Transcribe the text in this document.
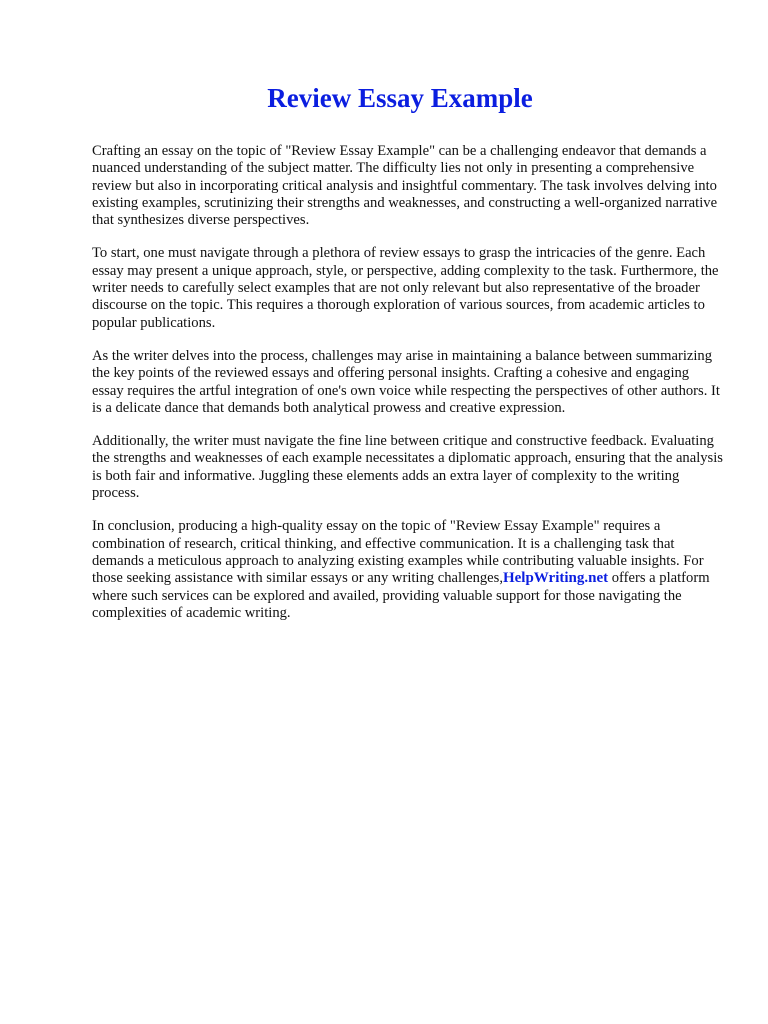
Review Essay Example

Crafting an essay on the topic of "Review Essay Example" can be a challenging endeavor that demands a nuanced understanding of the subject matter. The difficulty lies not only in presenting a comprehensive review but also in incorporating critical analysis and insightful commentary. The task involves delving into existing examples, scrutinizing their strengths and weaknesses, and constructing a well-organized narrative that synthesizes diverse perspectives.

To start, one must navigate through a plethora of review essays to grasp the intricacies of the genre. Each essay may present a unique approach, style, or perspective, adding complexity to the task. Furthermore, the writer needs to carefully select examples that are not only relevant but also representative of the broader discourse on the topic. This requires a thorough exploration of various sources, from academic articles to popular publications.

As the writer delves into the process, challenges may arise in maintaining a balance between summarizing the key points of the reviewed essays and offering personal insights. Crafting a cohesive and engaging essay requires the artful integration of one's own voice while respecting the perspectives of other authors. It is a delicate dance that demands both analytical prowess and creative expression.

Additionally, the writer must navigate the fine line between critique and constructive feedback. Evaluating the strengths and weaknesses of each example necessitates a diplomatic approach, ensuring that the analysis is both fair and informative. Juggling these elements adds an extra layer of complexity to the writing process.

In conclusion, producing a high-quality essay on the topic of "Review Essay Example" requires a combination of research, critical thinking, and effective communication. It is a challenging task that demands a meticulous approach to analyzing existing examples while contributing valuable insights. For those seeking assistance with similar essays or any writing challenges,HelpWriting.net offers a platform where such services can be explored and availed, providing valuable support for those navigating the complexities of academic writing.
